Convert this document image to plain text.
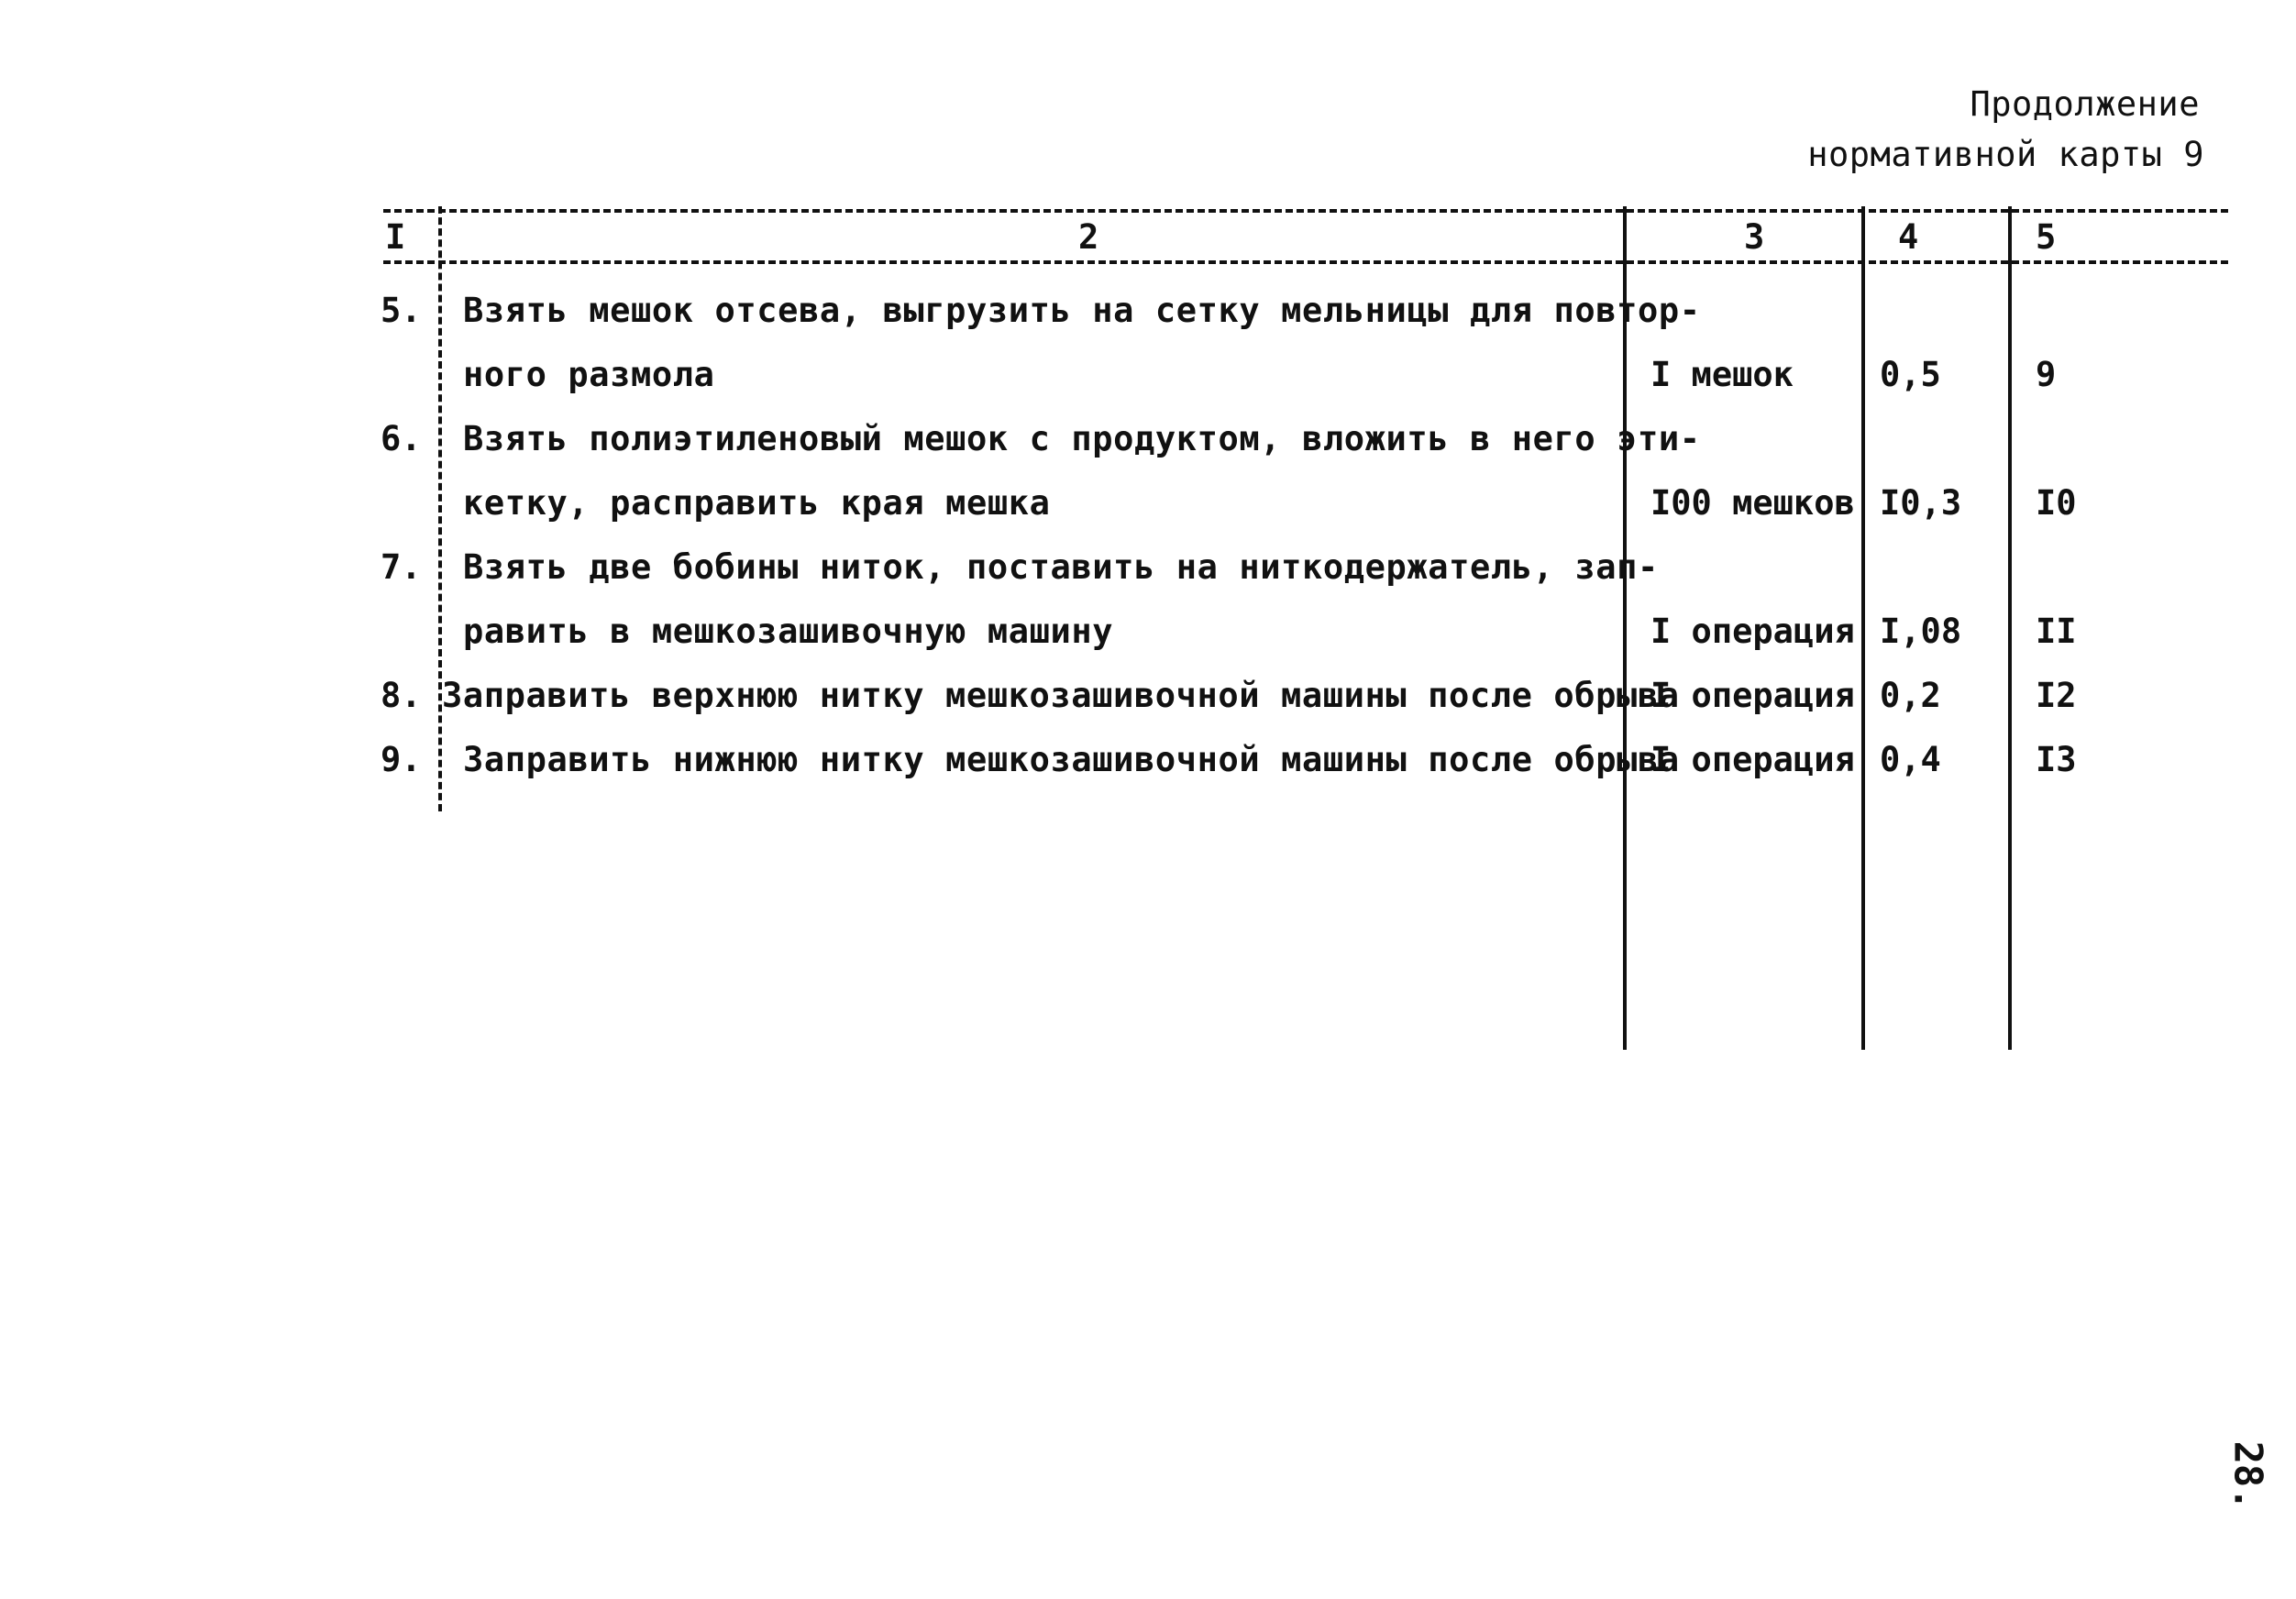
Продолжение
нормативной карты 9
I	2	3	4	5
5. Взять мешок отсева, выгрузить на сетку мельницы для повтор-
ного размола	I мешок	0,5	9
6. Взять полиэтиленовый мешок с продуктом, вложить в него эти-
кетку, расправить края мешка	I00 мешков I0,3 I0
7. Взять две бобины ниток, поставить на ниткодержатель, зап-
равить в мешкозашивочную машину	I операция I,08 II
8. Заправить верхнюю нитку мешкозашивочной машины после обрыва
I операция 0,2	I2
9. Заправить нижнюю нитку мешкозашивочной машины после обрыва
I операция 0,4	I3
28.
